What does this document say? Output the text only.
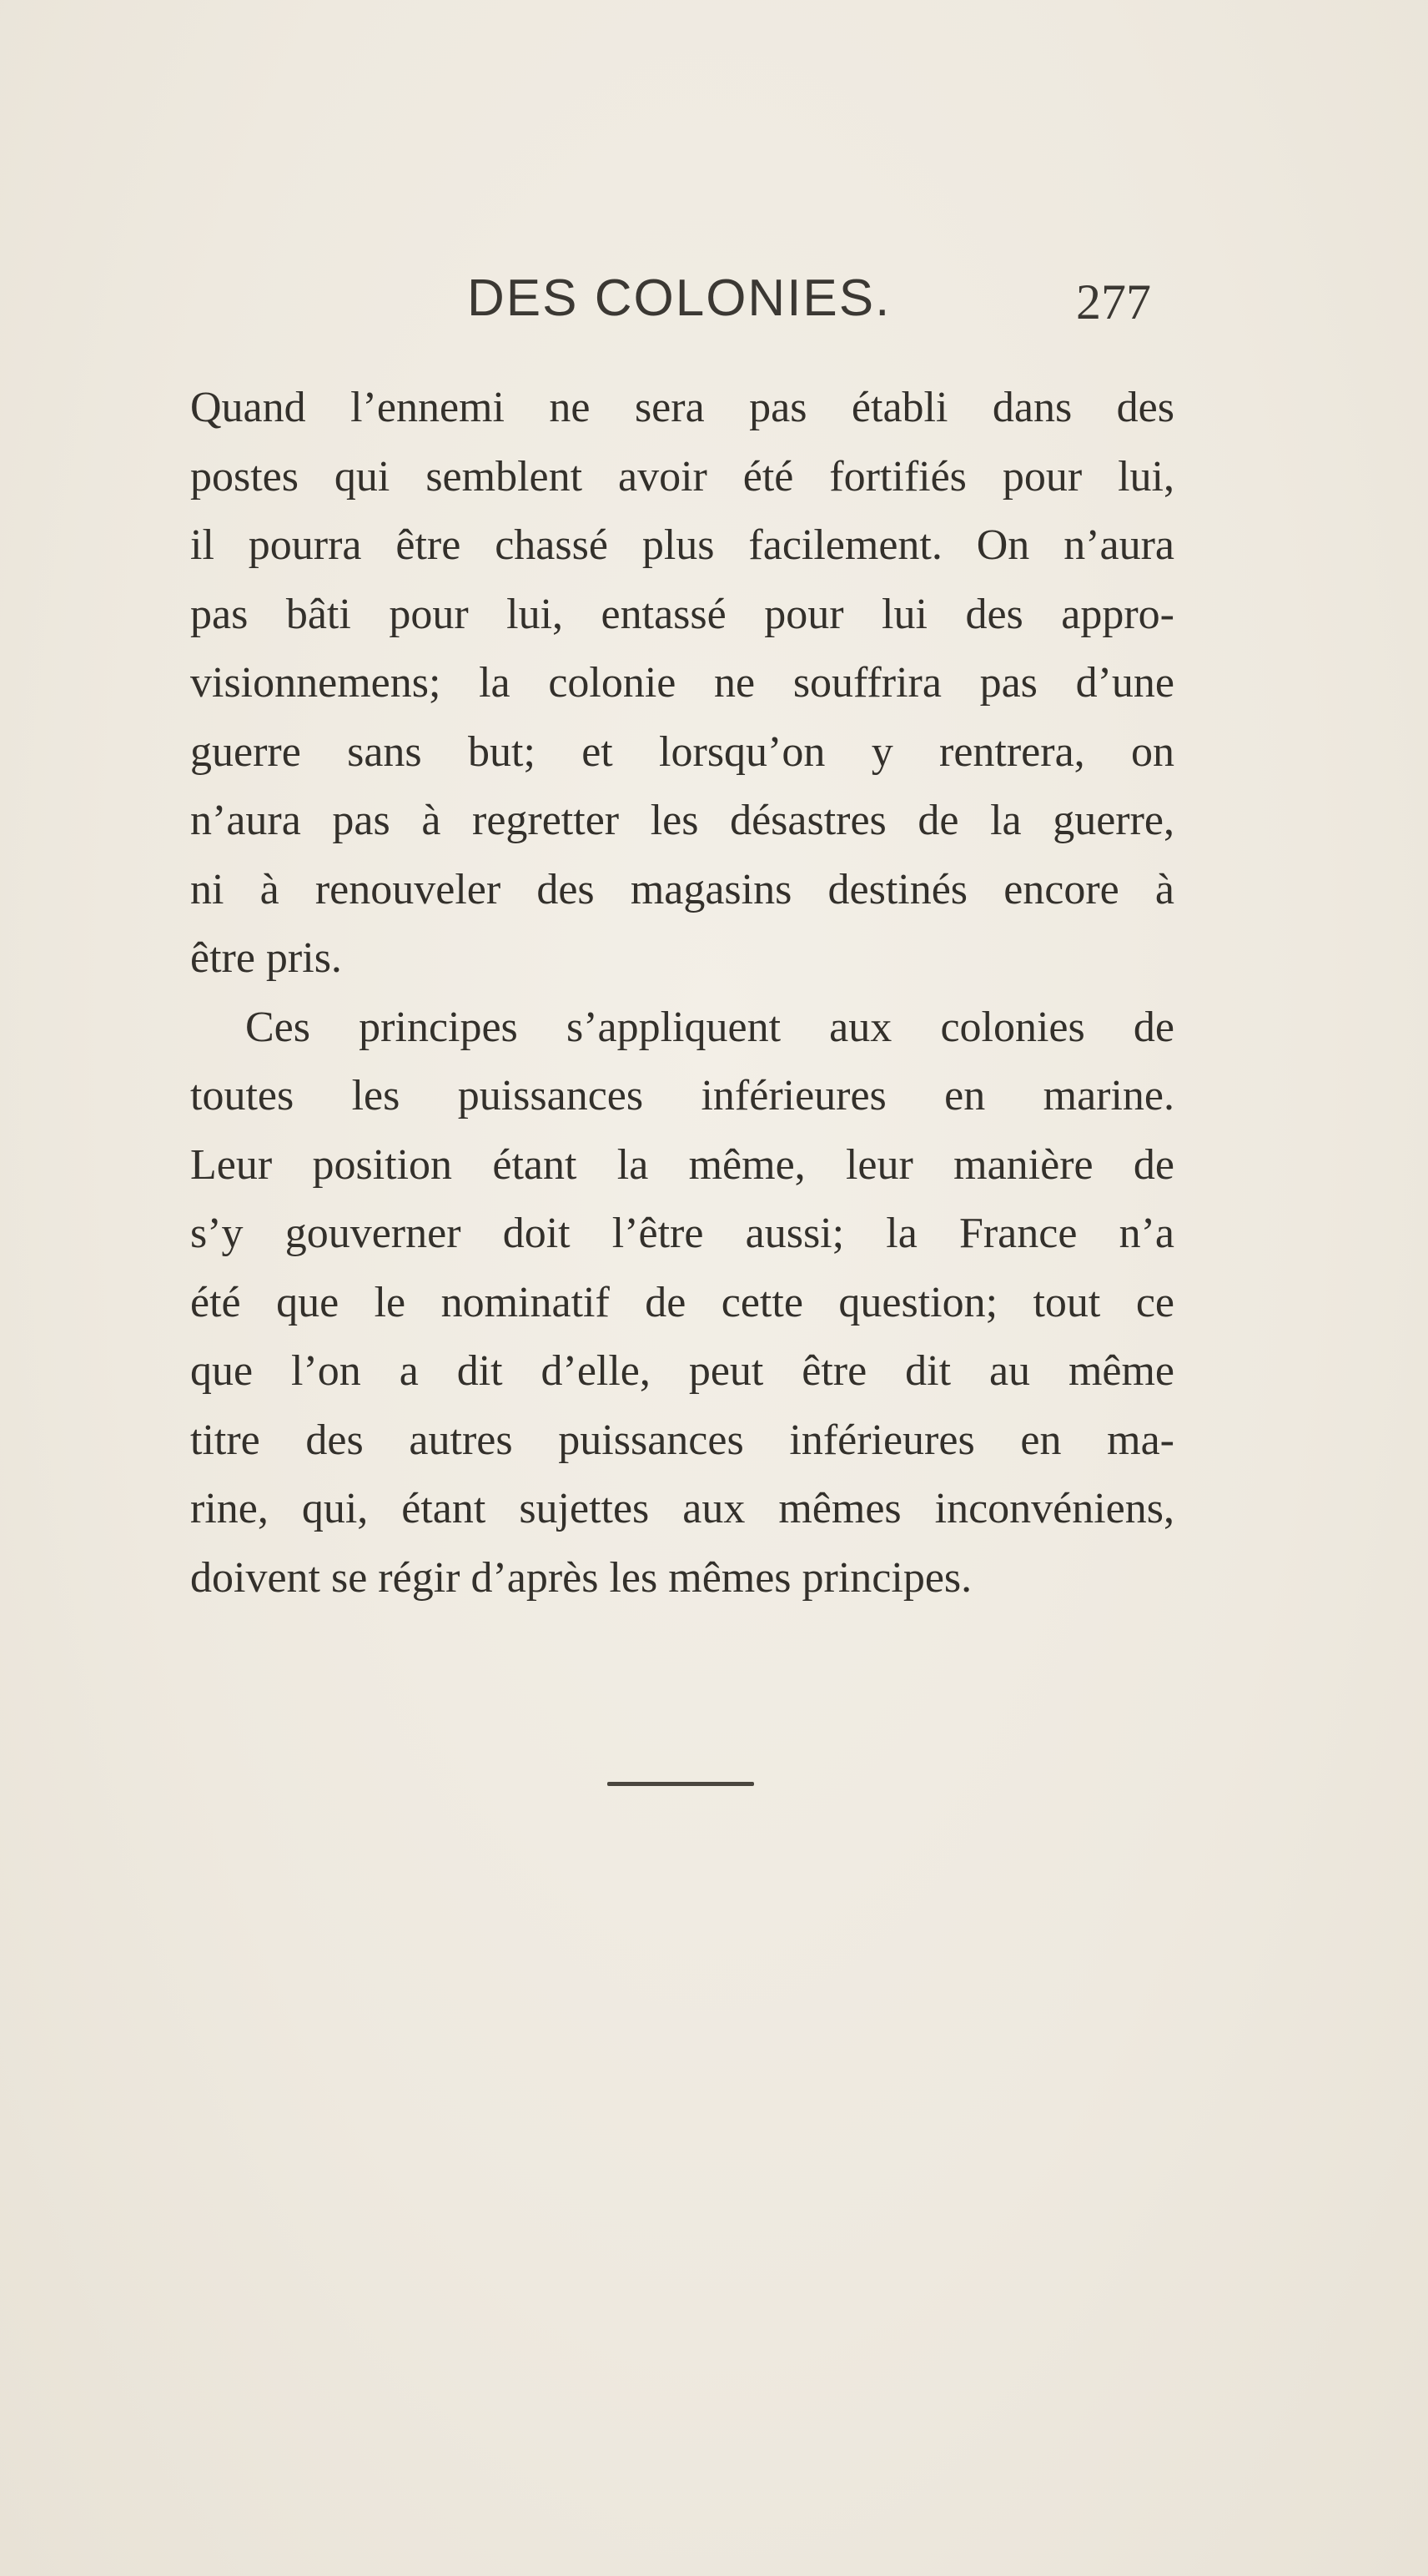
DES COLONIES.	277
Quand l’ennemi ne sera pas établi dans des
postes qui semblent avoir été fortifiés pour lui,
il pourra être chassé plus facilement. On n’aura
pas bâti pour lui, entassé pour lui des appro-
visionnemens; la colonie ne souffrira pas d’une
guerre sans but; et lorsqu’on y rentrera, on
n’aura pas à regretter les désastres de la guerre,
ni à renouveler des magasins destinés encore à
être pris.
Ces principes s’appliquent aux colonies de
toutes les puissances inférieures en marine.
Leur position étant la même, leur manière de
s’y gouverner doit l’être aussi; la France n’a
été que le nominatif de cette question; tout ce
que l’on a dit d’elle, peut être dit au même
titre des autres puissances inférieures en ma-
rine, qui, étant sujettes aux mêmes inconvéniens,
doivent se régir d’après les mêmes principes.
